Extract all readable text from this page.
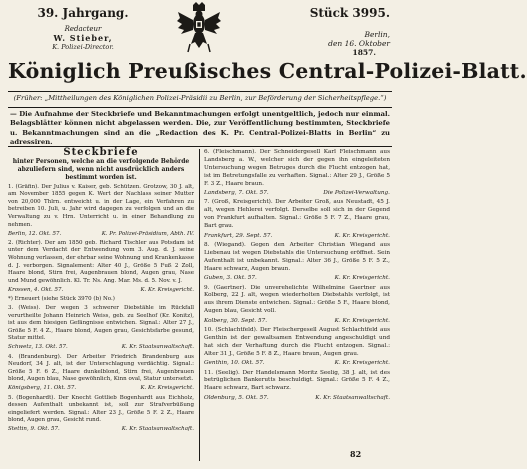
39. Jahrgang.
Redacteur
W. Stieber,
K. Polizei-Director.
Stück 3995.
Berlin,
den 16. Oktober
1857.
Königlich Preußisches Central-Polizei-Blatt.
(Früher: „Mittheilungen des Königlichen Polizei-Präsidii zu Berlin, zur Beförderung der Sicherheitspflege.“)
— Die Aufnahme der Steckbriefe und Bekanntmachungen erfolgt unentgeltlich, jedoch nur einmal. Belagsblätter können nicht abgelassen werden. Die, zur Veröffentlichung bestimmten, Steckbriefe u. Bekanntmachungen sind an die „Redaction des K. Pr. Central-Polizei-Blatts in Berlin“ zu adressiren.
Steckbriefe
hinter Personen, welche an die verfolgende Behörde abzuliefern sind, wenn nicht ausdrücklich anders bestimmt worden ist.
1. (Gräfin). Der Julius v. Kaiser, geb. Schützen. Grotzow, 30 J. alt, am November 1855 gegen K. Wert der Nachlass seiner Mutter von 20,000 Thlrn. entweicht u. in der Lage, ein Verfahren zu betreiben 10. Juli, u. Jahr wird dagegen zu verfolgen und an die Verwaltung zu v. Hrn. Unterricht u. in einer Behandlung zu nehmen.
Berlin, 12. Okt. 57.	K. Pr. Polizei-Präsidium, Abth. IV.
2. (Richter). Der am 1850 geb. Richard Tischler aus Potsdam ist unter dem Verdacht der Entwendung vom 3. Aug. d. J. seine Wohnung verlassen, der ehrbar seine Wohnung und Krankenkasse d. J. verborgen. Signalement: Alter 40 J., Größe 5 Fuß 2 Zoll, Haare blond, Stirn frei, Augenbrauen blond, Augen grau, Nase und Mund gewöhnlich. Kl. Tr. Ns. Ang. Mar. Ms. d. 5. Nov. v. J.
Krossen, 4. Okt. 57.	K. Kr. Kreisgericht.
*) Erneuert (siehe Stück 3970 (b) No.)
3. (Weiss). Der wegen 3 schwerer Diebstähle im Rückfall verurtheilte Johann Heinrich Weiss, geb. zu Seelhof (Kr. Konitz), ist aus dem hiesigen Gefängnisse entwichen. Signal.: Alter 27 J., Größe 5 F. 4 Z., Haare blond, Augen grau, Gesichtsfarbe gesund, Statur mittel.
Schwetz, 13. Okt. 57.	K. Kr. Staatsanwaltschaft.
4. (Brandenburg). Der Arbeiter Friedrich Brandenburg aus Neudorf, 34 J. alt, ist der Unterschlagung verdächtig. Signal.: Größe 5 F. 6 Z., Haare dunkelblond, Stirn frei, Augenbrauen blond, Augen blau, Nase gewöhnlich, Kinn oval, Statur untersetzt.
Königsberg, 11. Okt. 57.	K. Kr. Kreisgericht.
5. (Bogenhardt). Der Knecht Gottlieb Bogenhardt aus Eichholz, dessen Aufenthalt unbekannt ist, soll zur Strafverbüßung eingeliefert werden. Signal.: Alter 23 J., Größe 5 F. 2 Z., Haare blond, Augen grau, Gesicht rund.
Stettin, 9. Okt. 57.	K. Kr. Staatsanwaltschaft.
6. (Fleischmann). Der Schneidergesell Karl Fleischmann aus Landsberg a. W., welcher sich der gegen ihn eingeleiteten Untersuchung wegen Betruges durch die Flucht entzogen hat, ist im Betretungsfalle zu verhaften. Signal.: Alter 29 J., Größe 5 F. 3 Z., Haare braun.
Landsberg, 7. Okt. 57.	Die Polizei-Verwaltung.
7. (Groß, Kreisgericht). Der Arbeiter Groß, aus Neustadt, 45 J. alt, wegen Hehlerei verfolgt. Derselbe soll sich in der Gegend von Frankfurt aufhalten. Signal.: Größe 5 F. 7 Z., Haare grau, Bart grau.
Frankfurt, 29. Sept. 57.	K. Kr. Kreisgericht.
8. (Wiegand). Gegen den Arbeiter Christian Wiegand aus Liebenau ist wegen Diebstahls die Untersuchung eröffnet. Sein Aufenthalt ist unbekannt. Signal.: Alter 36 J., Größe 5 F. 5 Z., Haare schwarz, Augen braun.
Guben, 3. Okt. 57.	K. Kr. Kreisgericht.
9. (Gaertner). Die unverehelichte Wilhelmine Gaertner aus Kolberg, 22 J. alt, wegen wiederholten Diebstahls verfolgt, ist aus ihrem Dienste entwichen. Signal.: Größe 5 F., Haare blond, Augen blau, Gesicht voll.
Kolberg, 30. Sept. 57.	K. Kr. Kreisgericht.
10. (Schlachtfeld). Der Fleischergesell August Schlachtfeld aus Genthin ist der gewaltsamen Entwendung angeschuldigt und hat sich der Verhaftung durch die Flucht entzogen. Signal.: Alter 31 J., Größe 5 F. 8 Z., Haare braun, Augen grau.
Genthin, 10. Okt. 57.	K. Kr. Kreisgericht.
11. (Seelig). Der Handelsmann Moritz Seelig, 38 J. alt, ist des betrüglichen Bankerutts beschuldigt. Signal.: Größe 5 F. 4 Z., Haare schwarz, Bart schwarz.
Oldenburg, 5. Okt. 57.	K. Kr. Staatsanwaltschaft.
82
